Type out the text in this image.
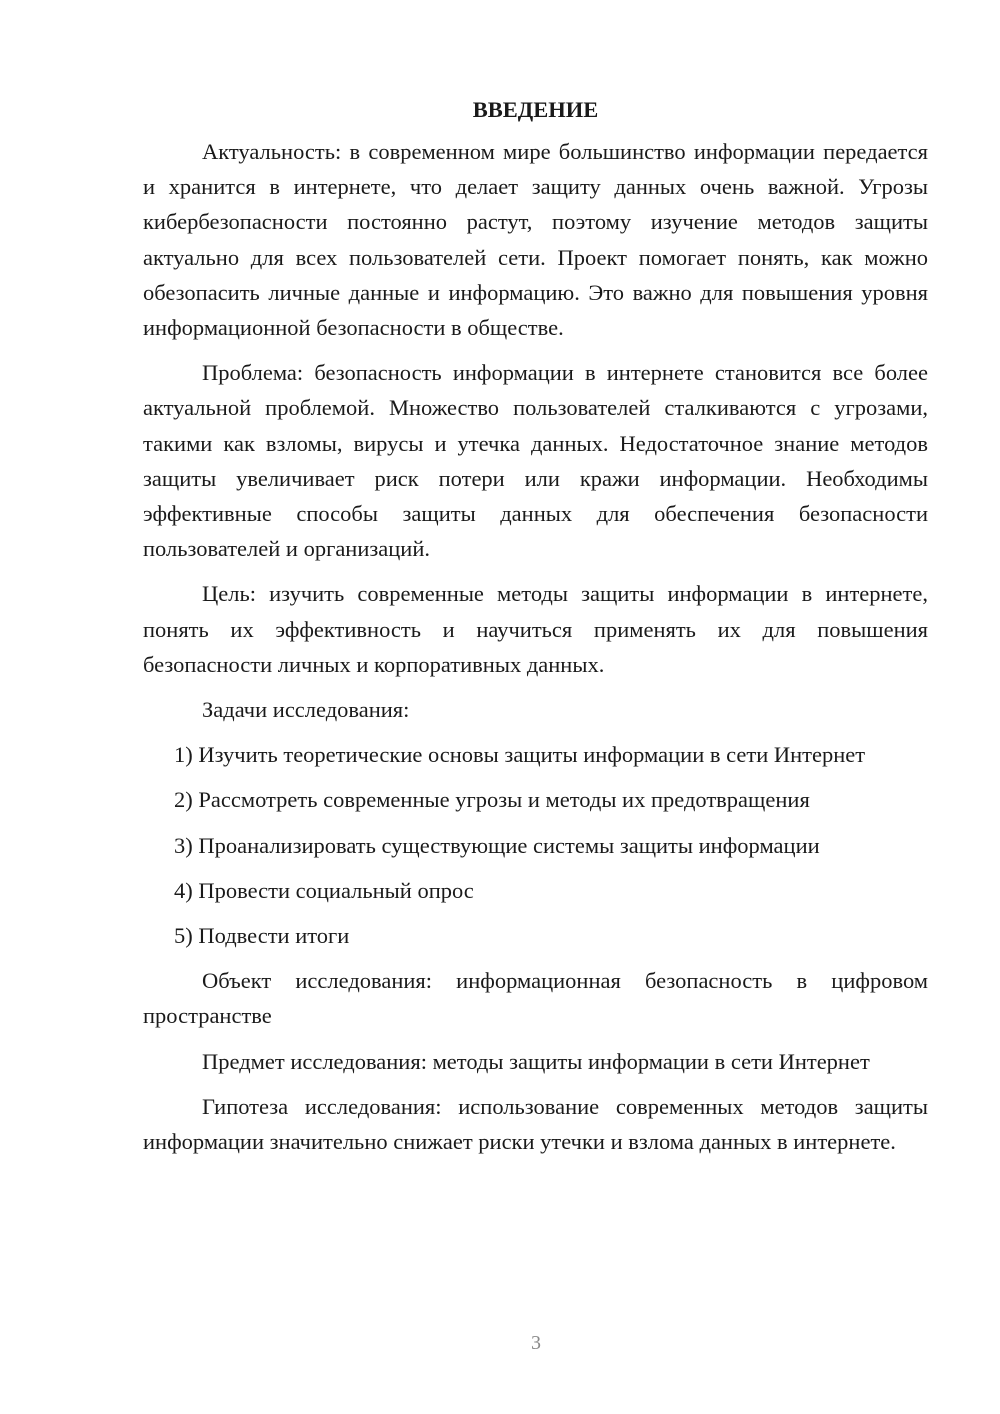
ВВЕДЕНИЕ

Актуальность: в современном мире большинство информации передается и хранится в интернете, что делает защиту данных очень важной. Угрозы кибербезопасности постоянно растут, поэтому изучение методов защиты актуально для всех пользователей сети. Проект помогает понять, как можно обезопасить личные данные и информацию. Это важно для повышения уровня информационной безопасности в обществе.

Проблема: безопасность информации в интернете становится все более актуальной проблемой. Множество пользователей сталкиваются с угрозами, такими как взломы, вирусы и утечка данных. Недостаточное знание методов защиты увеличивает риск потери или кражи информации. Необходимы эффективные способы защиты данных для обеспечения безопасности пользователей и организаций.

Цель: изучить современные методы защиты информации в интернете, понять их эффективность и научиться применять их для повышения безопасности личных и корпоративных данных.

Задачи исследования:

1) Изучить теоретические основы защиты информации в сети Интернет

2) Рассмотреть современные угрозы и методы их предотвращения

3) Проанализировать существующие системы защиты информации

4) Провести социальный опрос

5) Подвести итоги

Объект исследования: информационная безопасность в цифровом пространстве

Предмет исследования: методы защиты информации в сети Интернет

Гипотеза исследования: использование современных методов защиты информации значительно снижает риски утечки и взлома данных в интернете.

3
